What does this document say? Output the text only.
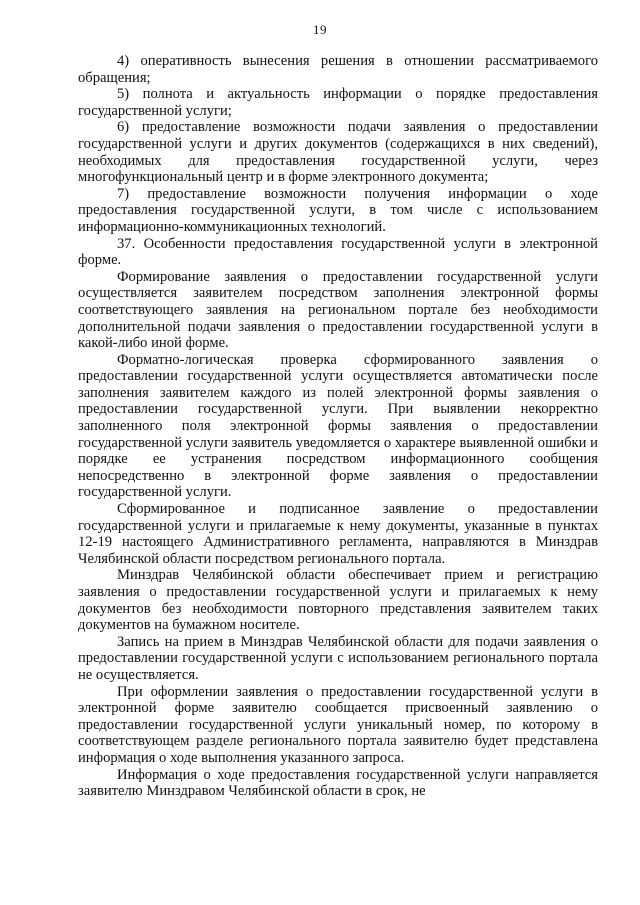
19

4) оперативность вынесения решения в отношении рассматриваемого обращения;

5) полнота и актуальность информации о порядке предоставления государственной услуги;

6) предоставление возможности подачи заявления о предоставлении государственной услуги и других документов (содержащихся в них сведений), необходимых для предоставления государственной услуги, через многофункциональный центр и в форме электронного документа;

7) предоставление возможности получения информации о ходе предоставления государственной услуги, в том числе с использованием информационно-коммуникационных технологий.

37. Особенности предоставления государственной услуги в электронной форме.

Формирование заявления о предоставлении государственной услуги осуществляется заявителем посредством заполнения электронной формы соответствующего заявления на региональном портале без необходимости дополнительной подачи заявления о предоставлении государственной услуги в какой-либо иной форме.

Форматно-логическая проверка сформированного заявления о предоставлении государственной услуги осуществляется автоматически после заполнения заявителем каждого из полей электронной формы заявления о предоставлении государственной услуги. При выявлении некорректно заполненного поля электронной формы заявления о предоставлении государственной услуги заявитель уведомляется о характере выявленной ошибки и порядке ее устранения посредством информационного сообщения непосредственно в электронной форме заявления о предоставлении государственной услуги.

Сформированное и подписанное заявление о предоставлении государственной услуги и прилагаемые к нему документы, указанные в пунктах 12-19 настоящего Административного регламента, направляются в Минздрав Челябинской области посредством регионального портала.

Минздрав Челябинской области обеспечивает прием и регистрацию заявления о предоставлении государственной услуги и прилагаемых к нему документов без необходимости повторного представления заявителем таких документов на бумажном носителе.

Запись на прием в Минздрав Челябинской области для подачи заявления о предоставлении государственной услуги с использованием регионального портала не осуществляется.

При оформлении заявления о предоставлении государственной услуги в электронной форме заявителю сообщается присвоенный заявлению о предоставлении государственной услуги уникальный номер, по которому в соответствующем разделе регионального портала заявителю будет представлена информация о ходе выполнения указанного запроса.

Информация о ходе предоставления государственной услуги направляется заявителю Минздравом Челябинской области в срок, не
